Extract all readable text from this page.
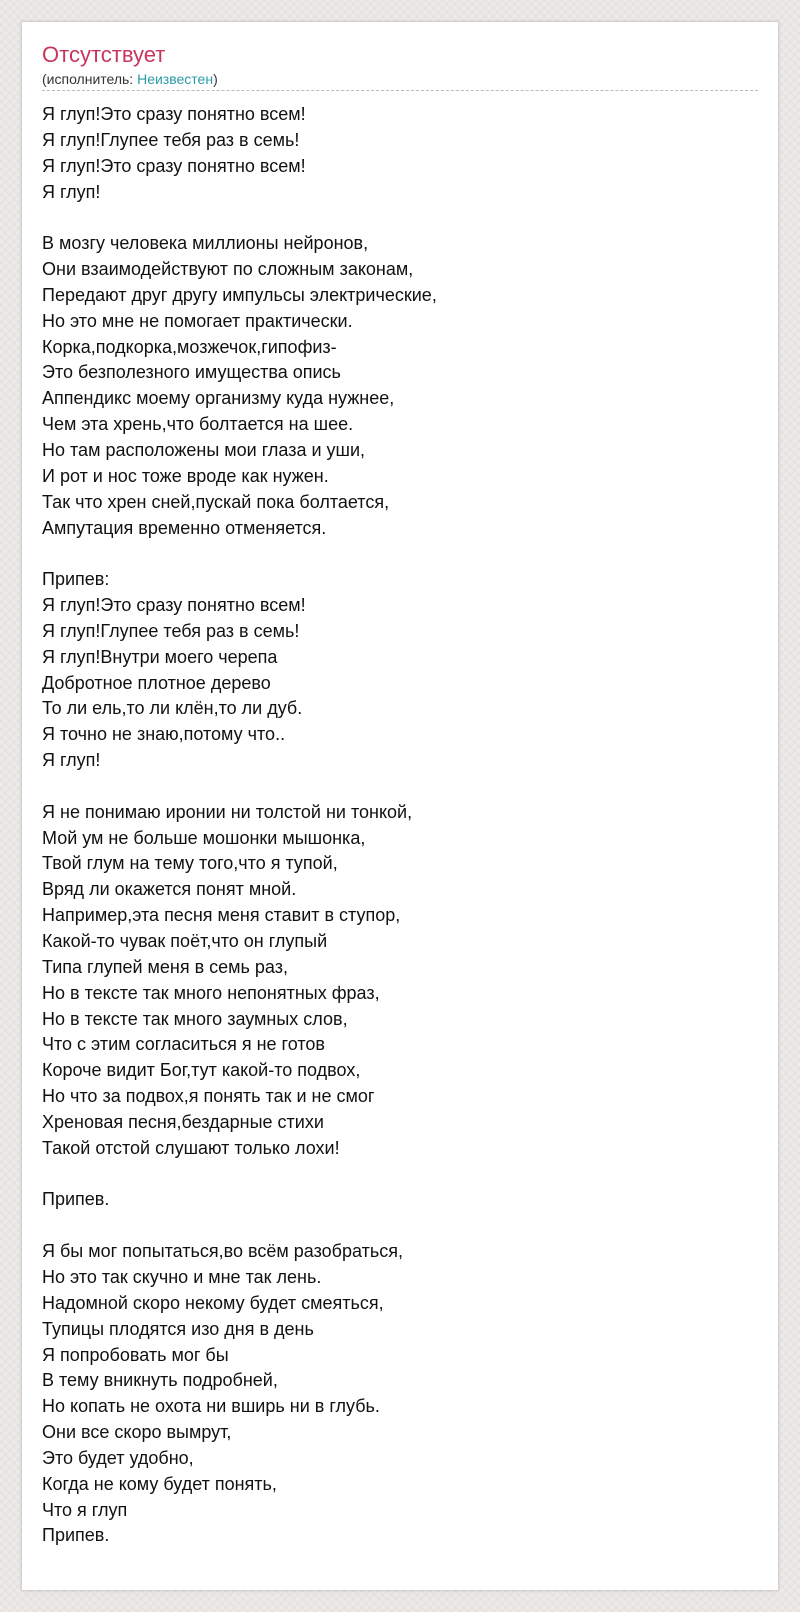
Отсутствует
(исполнитель: Неизвестен)
Я глуп!Это сразу понятно всем!
Я глуп!Глупее тебя раз в семь!
Я глуп!Это сразу понятно всем!
Я глуп!

В мозгу человека миллионы нейронов,
Они взаимодействуют по сложным законам,
Передают друг другу импульсы электрические,
Но это мне не помогает практически.
Корка,подкорка,мозжечок,гипофиз-
Это безполезного имущества опись
Аппендикс моему организму куда нужнее,
Чем эта хрень,что болтается на шее.
Но там расположены мои глаза и уши,
И рот и нос тоже вроде как нужен.
Так что хрен сней,пускай пока болтается,
Ампутация временно отменяется.

Припев:
Я глуп!Это сразу понятно всем!
Я глуп!Глупее тебя раз в семь!
Я глуп!Внутри моего черепа
Добротное плотное дерево
То ли ель,то ли клён,то ли дуб.
Я точно не знаю,потому что..
Я глуп!

Я не понимаю иронии ни толстой ни тонкой,
Мой ум не больше мошонки мышонка,
Твой глум на тему того,что я тупой,
Вряд ли окажется понят мной.
Например,эта песня меня ставит в ступор,
Какой-то чувак поёт,что он глупый
Типа глупей меня в семь раз,
Но в тексте так много непонятных фраз,
Но в тексте так много заумных слов,
Что с этим согласиться я не готов
Короче видит Бог,тут какой-то подвох,
Но что за подвох,я понять так и не смог
Хреновая песня,бездарные стихи
Такой отстой слушают только лохи!

Припев.

Я бы мог попытаться,во всём разобраться,
Но это так скучно и мне так лень.
Надомной скоро некому будет смеяться,
Тупицы плодятся изо дня в день
Я попробовать мог бы
В тему вникнуть подробней,
Но копать не охота ни вширь ни в глубь.
Они все скоро вымрут,
Это будет удобно,
Когда не кому будет понять,
Что я глуп
Припев.
